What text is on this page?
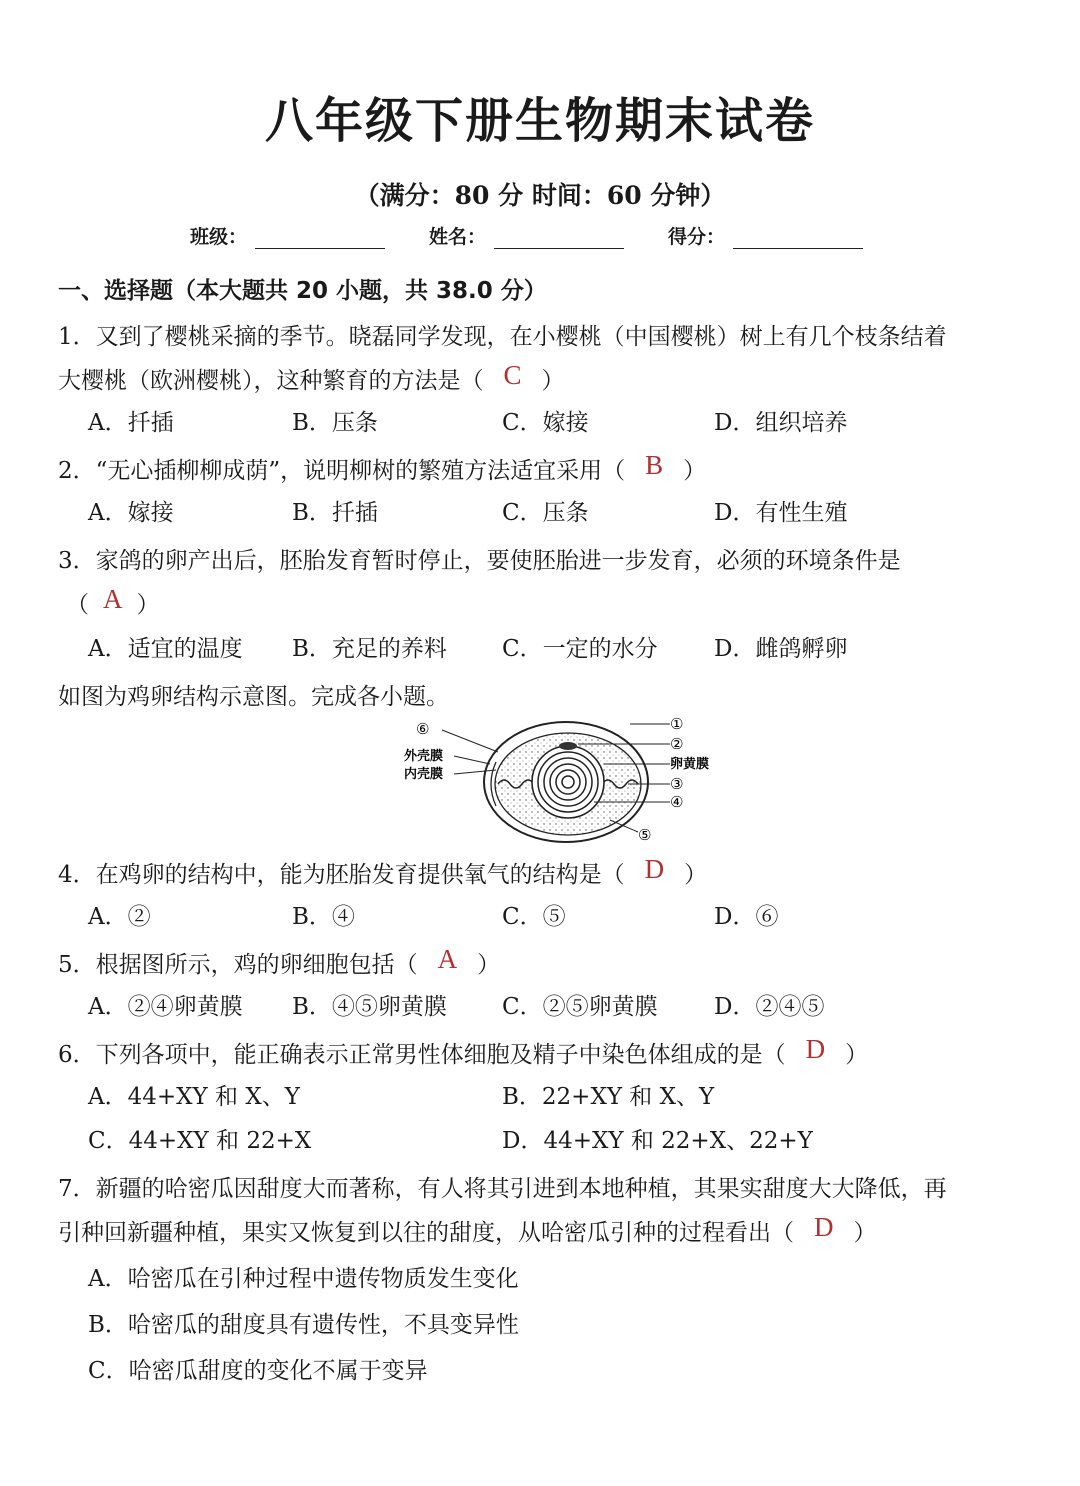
八年级下册生物期末试卷
（满分：80 分 时间：60 分钟）
班级：	姓名：	得分：
一、选择题（本大题共 20 小题，共 38.0 分）
1．又到了樱桃采摘的季节。晓磊同学发现，在小樱桃（中国樱桃）树上有几个枝条结着
大樱桃（欧洲樱桃），这种繁育的方法是（ C ）
A．扦插	B．压条	C．嫁接	D．组织培养
2．“无心插柳柳成荫”，说明柳树的繁殖方法适宜采用（ B ）
A．嫁接	B．扦插	C．压条	D．有性生殖
3．家鸽的卵产出后，胚胎发育暂时停止，要使胚胎进一步发育，必须的环境条件是
（ A ）
A．适宜的温度 B．充足的养料 C．一定的水分 D．雌鸽孵卵
如图为鸡卵结构示意图。完成各小题。
⑥
外壳膜
内壳膜
①
②
卵黄膜
③
④
⑤
4．在鸡卵的结构中，能为胚胎发育提供氧气的结构是（ D ）
A．②	B．④	C．⑤	D．⑥
5．根据图所示，鸡的卵细胞包括（ A ）
A．②④卵黄膜 B．④⑤卵黄膜 C．②⑤卵黄膜 D．②④⑤
6．下列各项中，能正确表示正常男性体细胞及精子中染色体组成的是（ D ）
A．44+XY 和 X、Y	B．22+XY 和 X、Y
C．44+XY 和 22+X	D．44+XY 和 22+X、22+Y
7．新疆的哈密瓜因甜度大而著称，有人将其引进到本地种植，其果实甜度大大降低，再
引种回新疆种植，果实又恢复到以往的甜度，从哈密瓜引种的过程看出（ D ）
A．哈密瓜在引种过程中遗传物质发生变化
B．哈密瓜的甜度具有遗传性，不具变异性
C．哈密瓜甜度的变化不属于变异
